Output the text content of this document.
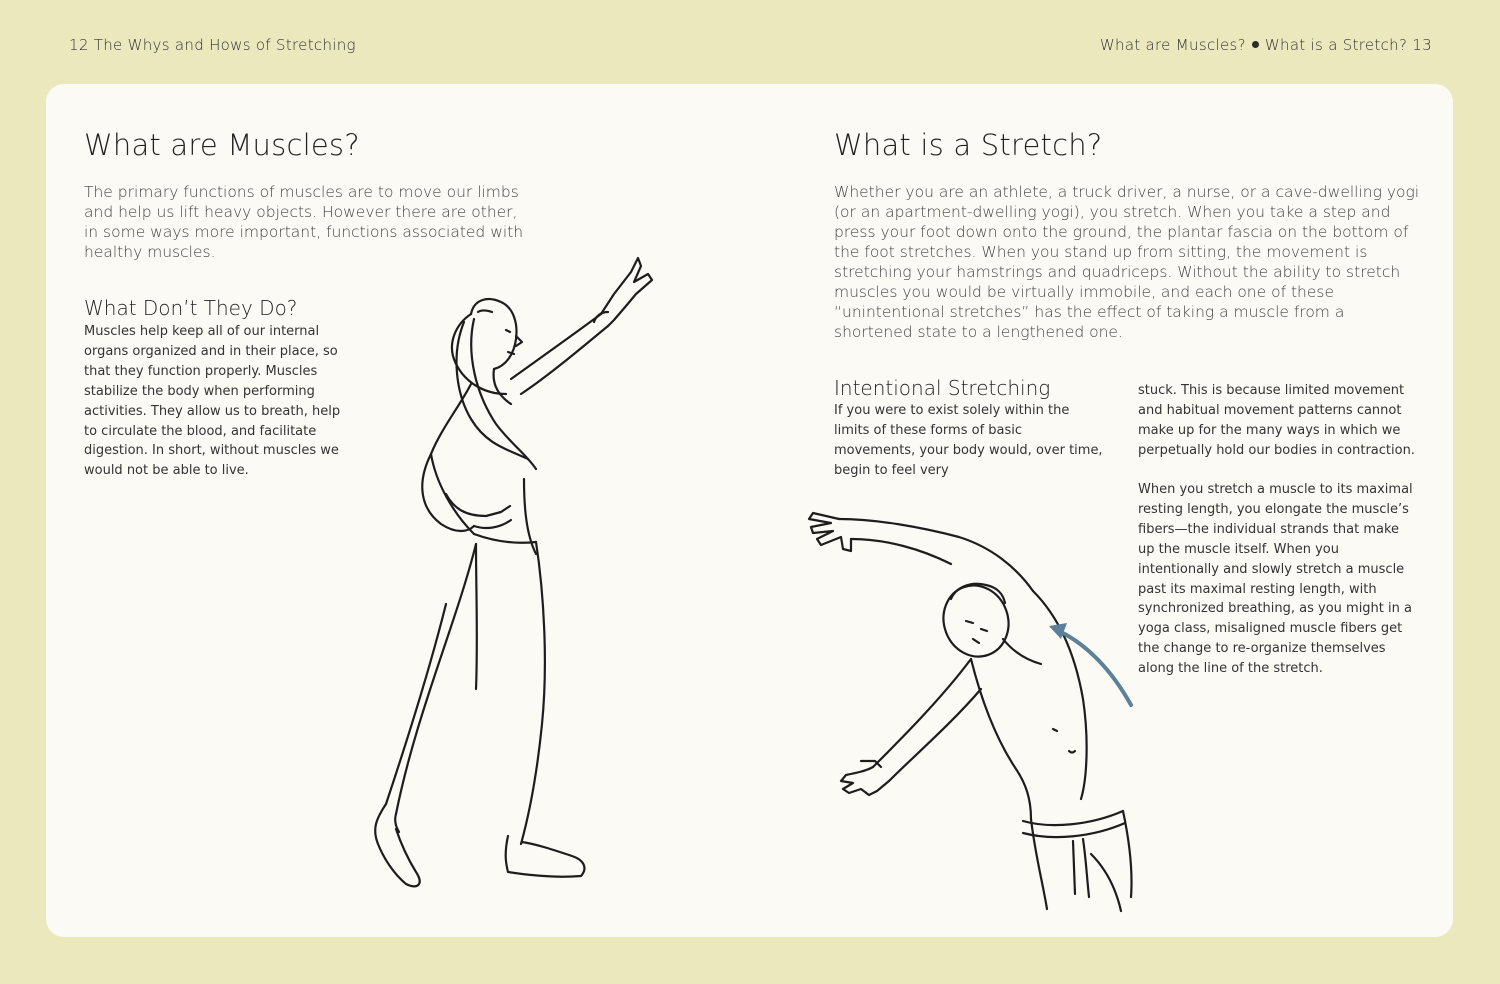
12 The Whys and Hows of Stretching	What are Muscles? What is a Stretch? 13
What are Muscles?

The primary functions of muscles are to move our limbs and help us lift heavy objects. However there are other, in some ways more important, functions associated with healthy muscles.

What Don’t They Do?

Muscles help keep all of our internal organs organized and in their place, so that they function properly. Muscles stabilize the body when performing activities. They allow us to breath, help to circulate the blood, and facilitate digestion. In short, without muscles we would not be able to live.

What is a Stretch?

Whether you are an athlete, a truck driver, a nurse, or a cave-dwelling yogi (or an apartment-dwelling yogi), you stretch. When you take a step and press your foot down onto the ground, the plantar fascia on the bottom of the foot stretches. When you stand up from sitting, the movement is stretching your hamstrings and quadriceps. Without the ability to stretch muscles you would be virtually immobile, and each one of these “unintentional stretches” has the effect of taking a muscle from a shortened state to a lengthened one.

Intentional Stretching

If you were to exist solely within the limits of these forms of basic movements, your body would, over time, begin to feel very

stuck. This is because limited movement and habitual movement patterns cannot make up for the many ways in which we perpetually hold our bodies in contraction.

When you stretch a muscle to its maximal resting length, you elongate the muscle’s fibers—the individual strands that make up the muscle itself. When you intentionally and slowly stretch a muscle past its maximal resting length, with synchronized breathing, as you might in a yoga class, misaligned muscle fibers get the change to re-organize themselves along the line of the stretch.
